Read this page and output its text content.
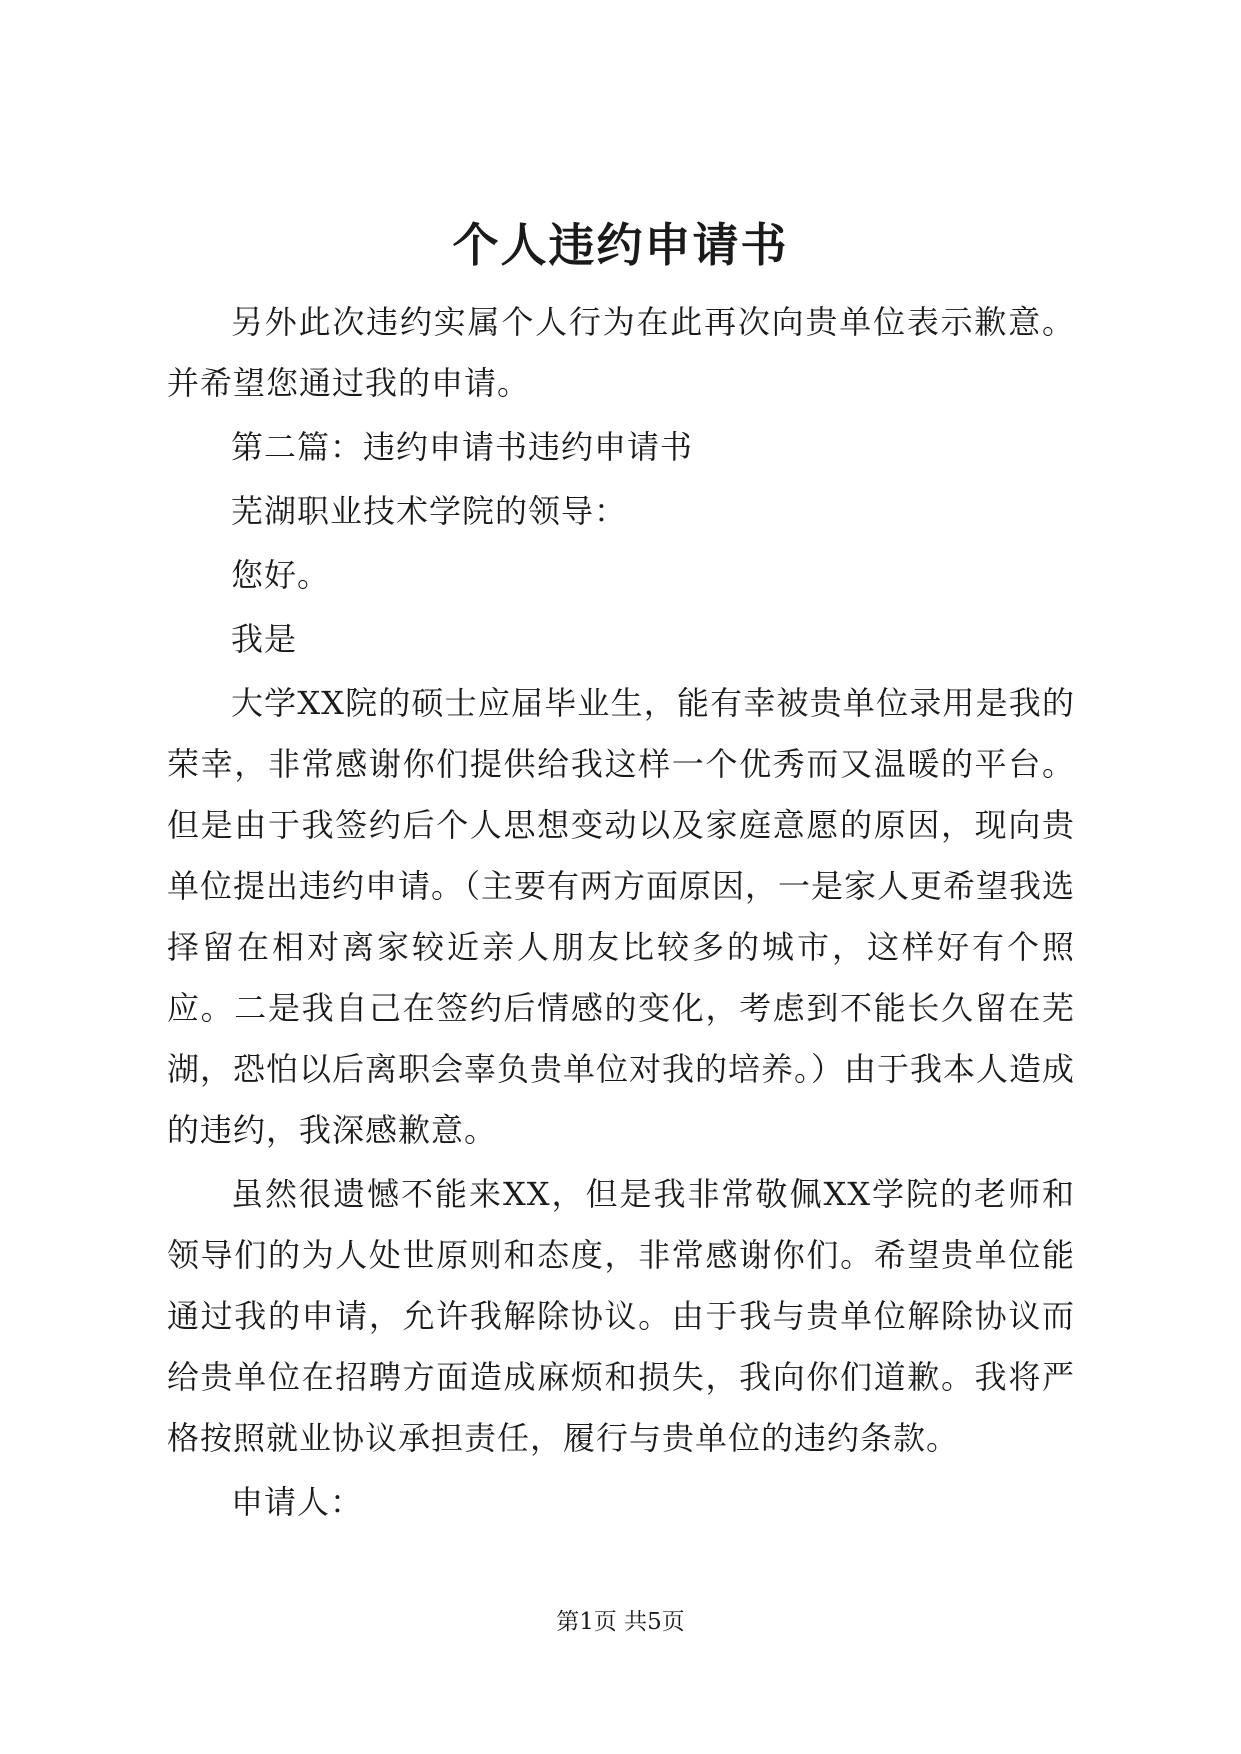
个人违约申请书

另外此次违约实属个人行为在此再次向贵单位表示歉意。并希望您通过我的申请。

第二篇：违约申请书违约申请书

芜湖职业技术学院的领导：

您好。

我是

大学XX院的硕士应届毕业生，能有幸被贵单位录用是我的荣幸，非常感谢你们提供给我这样一个优秀而又温暖的平台。但是由于我签约后个人思想变动以及家庭意愿的原因，现向贵单位提出违约申请。（主要有两方面原因，一是家人更希望我选择留在相对离家较近亲人朋友比较多的城市，这样好有个照应。二是我自己在签约后情感的变化，考虑到不能长久留在芜湖，恐怕以后离职会辜负贵单位对我的培养。）由于我本人造成的违约，我深感歉意。

虽然很遗憾不能来XX，但是我非常敬佩XX学院的老师和领导们的为人处世原则和态度，非常感谢你们。希望贵单位能通过我的申请，允许我解除协议。由于我与贵单位解除协议而给贵单位在招聘方面造成麻烦和损失，我向你们道歉。我将严格按照就业协议承担责任，履行与贵单位的违约条款。

申请人：

第1页 共5页
